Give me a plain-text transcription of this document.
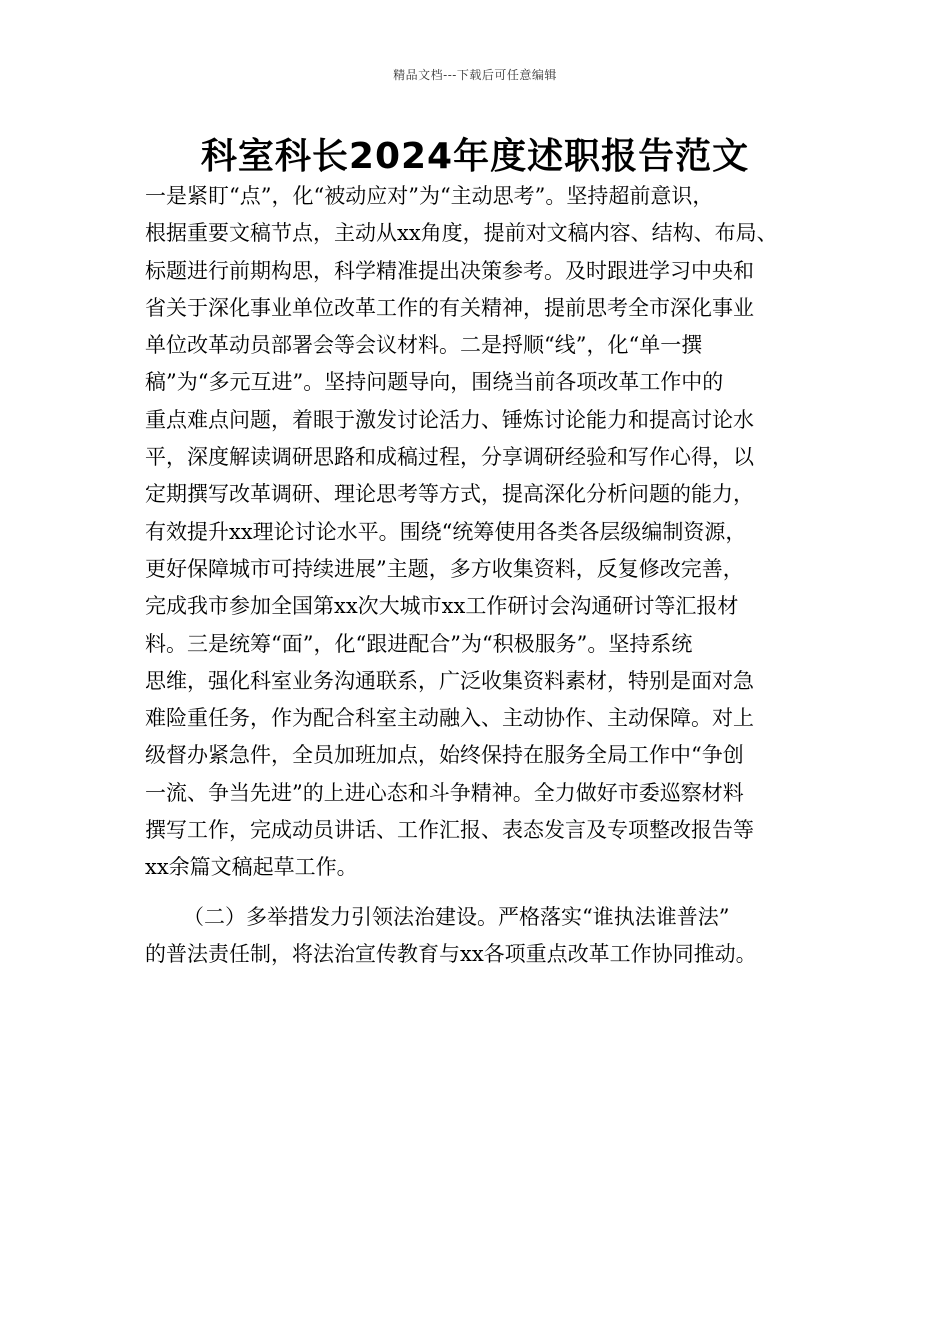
精品文档---下载后可任意编辑
科室科长2024年度述职报告范文
一是紧盯“点”，化“被动应对”为“主动思考”。坚持超前意识，
根据重要文稿节点，主动从xx角度，提前对文稿内容、结构、布局、
标题进行前期构思，科学精准提出决策参考。及时跟进学习中央和
省关于深化事业单位改革工作的有关精神，提前思考全市深化事业
单位改革动员部署会等会议材料。二是捋顺“线”，化“单一撰
稿”为“多元互进”。坚持问题导向，围绕当前各项改革工作中的
重点难点问题，着眼于激发讨论活力、锤炼讨论能力和提高讨论水
平，深度解读调研思路和成稿过程，分享调研经验和写作心得，以
定期撰写改革调研、理论思考等方式，提高深化分析问题的能力，
有效提升xx理论讨论水平。围绕“统筹使用各类各层级编制资源，
更好保障城市可持续进展”主题，多方收集资料，反复修改完善，
完成我市参加全国第xx次大城市xx工作研讨会沟通研讨等汇报材
料。三是统筹“面”，化“跟进配合”为“积极服务”。坚持系统
思维，强化科室业务沟通联系，广泛收集资料素材，特别是面对急
难险重任务，作为配合科室主动融入、主动协作、主动保障。对上
级督办紧急件，全员加班加点，始终保持在服务全局工作中“争创
一流、争当先进”的上进心态和斗争精神。全力做好市委巡察材料
撰写工作，完成动员讲话、工作汇报、表态发言及专项整改报告等
xx余篇文稿起草工作。
（二）多举措发力引领法治建设。严格落实“谁执法谁普法”
的普法责任制，将法治宣传教育与xx各项重点改革工作协同推动。
